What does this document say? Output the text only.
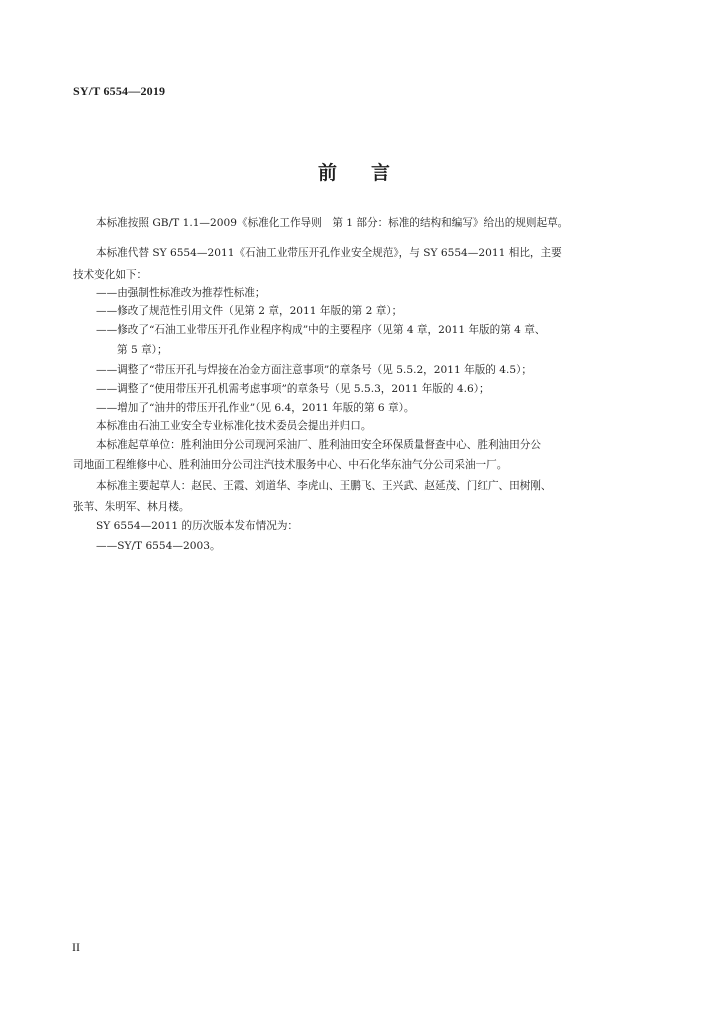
SY/T 6554—2019
前言
本标准按照 GB/T 1.1—2009《标准化工作导则　第 1 部分：标准的结构和编写》给出的规则起草。
本标准代替 SY 6554—2011《石油工业带压开孔作业安全规范》，与 SY 6554—2011 相比，主要
技术变化如下：
——由强制性标准改为推荐性标准；
——修改了规范性引用文件（见第 2 章，2011 年版的第 2 章）；
——修改了“石油工业带压开孔作业程序构成”中的主要程序（见第 4 章，2011 年版的第 4 章、
第 5 章）；
——调整了“带压开孔与焊接在冶金方面注意事项”的章条号（见 5.5.2，2011 年版的 4.5）；
——调整了“使用带压开孔机需考虑事项”的章条号（见 5.5.3，2011 年版的 4.6）；
——增加了“油井的带压开孔作业”（见 6.4，2011 年版的第 6 章）。
本标准由石油工业安全专业标准化技术委员会提出并归口。
本标准起草单位：胜利油田分公司现河采油厂、胜利油田安全环保质量督查中心、胜利油田分公
司地面工程维修中心、胜利油田分公司注汽技术服务中心、中石化华东油气分公司采油一厂。
本标准主要起草人：赵民、王霞、刘道华、李虎山、王鹏飞、王兴武、赵延茂、门红广、田树刚、
张苇、朱明军、林月楼。
SY 6554—2011 的历次版本发布情况为：
——SY/T 6554—2003。
II
